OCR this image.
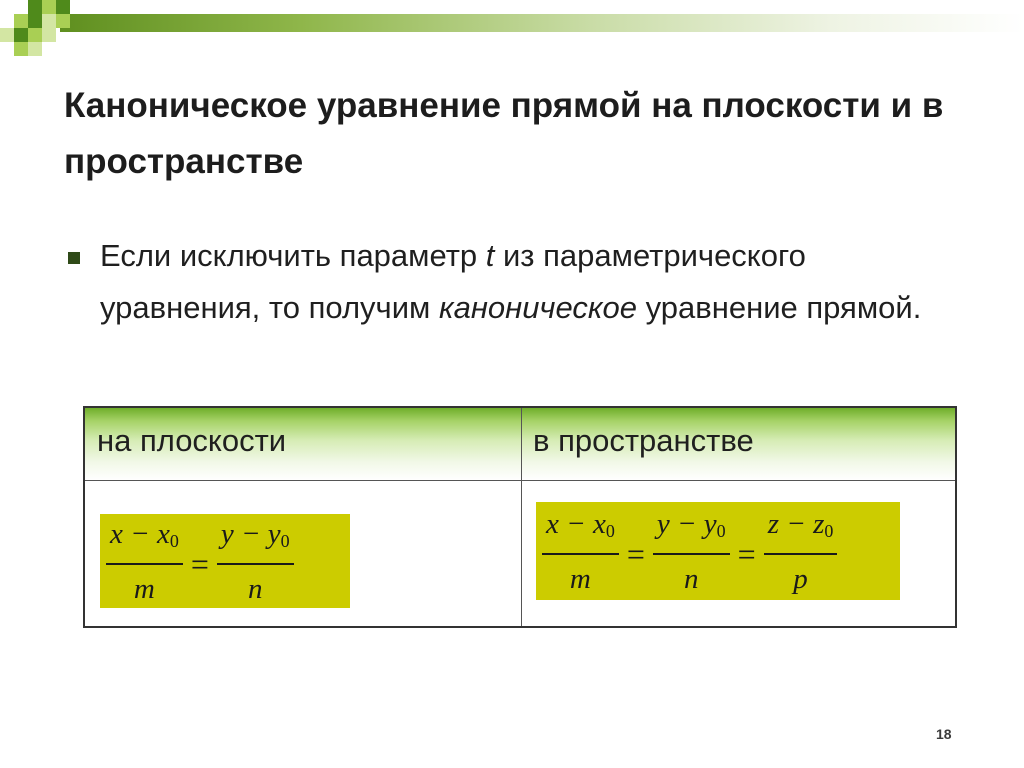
Каноническое уравнение прямой на плоскости и в пространстве

Если исключить параметр t из параметрического уравнения, то получим каноническое уравнение прямой.

на плоскости	в пространстве
$\frac{x - x_0}{m} = \frac{y - y_0}{n}$	$\frac{x - x_0}{m} = \frac{y - y_0}{n} = \frac{z - z_0}{p}$
18
